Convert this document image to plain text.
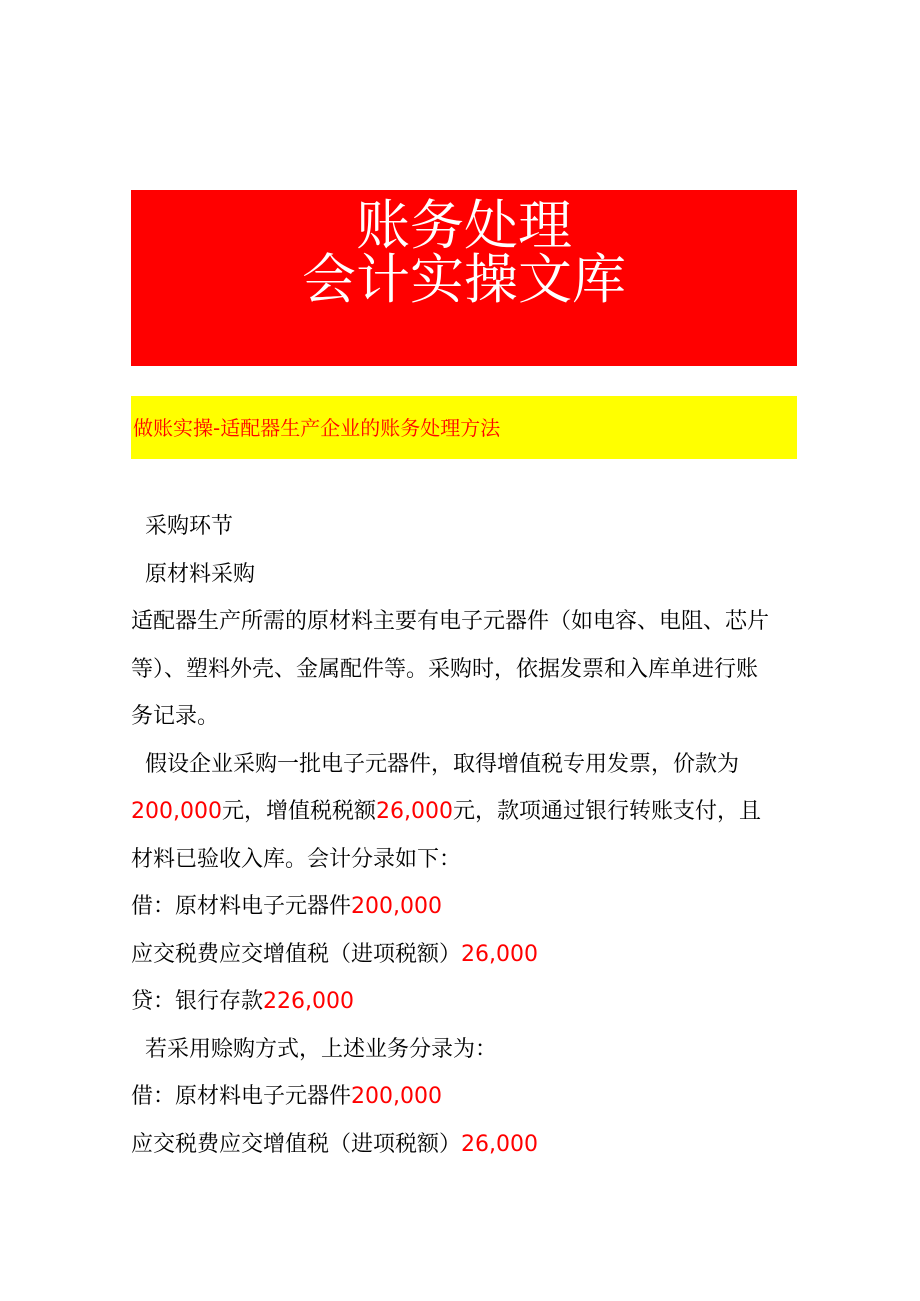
账务处理
会计实操文库
做账实操-适配器生产企业的账务处理方法
采购环节
原材料采购
适配器生产所需的原材料主要有电子元器件（如电容、电阻、芯片
等）、塑料外壳、金属配件等。采购时，依据发票和入库单进行账
务记录。
假设企业采购一批电子元器件，取得增值税专用发票，价款为
200,000元，增值税税额26,000元，款项通过银行转账支付，且
材料已验收入库。会计分录如下：
借：原材料电子元器件200,000
应交税费应交增值税（进项税额）26,000
贷：银行存款226,000
若采用赊购方式，上述业务分录为：
借：原材料电子元器件200,000
应交税费应交增值税（进项税额）26,000
